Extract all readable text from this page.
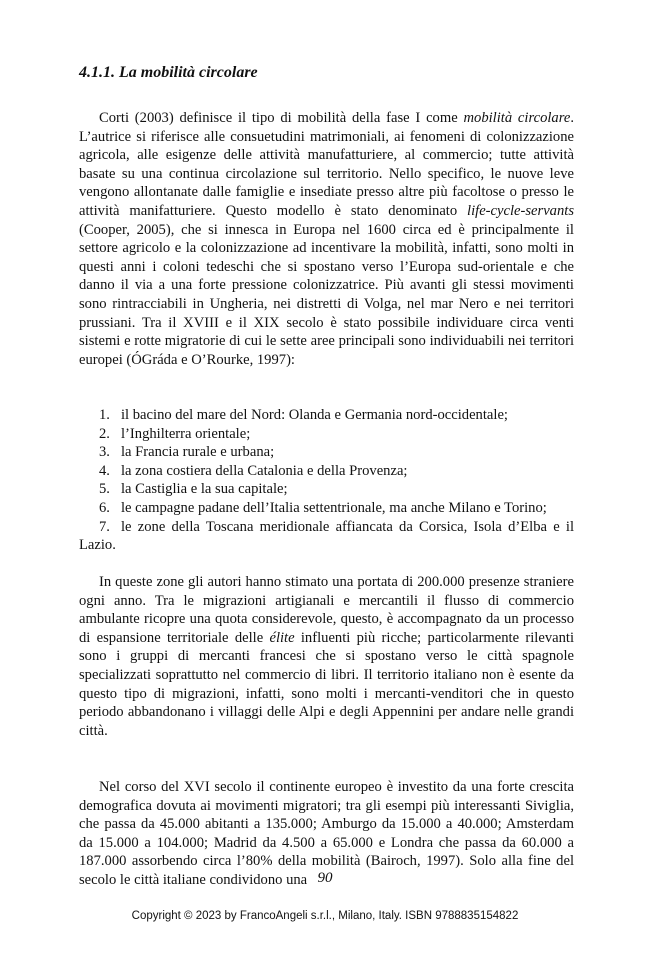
4.1.1. La mobilità circolare

Corti (2003) definisce il tipo di mobilità della fase I come mobilità circolare. L’autrice si riferisce alle consuetudini matrimoniali, ai fenomeni di colonizzazione agricola, alle esigenze delle attività manufatturiere, al commercio; tutte attività basate su una continua circolazione sul territorio. Nello specifico, le nuove leve vengono allontanate dalle famiglie e insediate presso altre più facoltose o presso le attività manifatturiere. Questo modello è stato denominato life-cycle-servants (Cooper, 2005), che si innesca in Europa nel 1600 circa ed è principalmente il settore agricolo e la colonizzazione ad incentivare la mobilità, infatti, sono molti in questi anni i coloni tedeschi che si spostano verso l’Europa sud-orientale e che danno il via a una forte pressione colonizzatrice. Più avanti gli stessi movimenti sono rintracciabili in Ungheria, nei distretti di Volga, nel mar Nero e nei territori prussiani. Tra il XVIII e il XIX secolo è stato possibile individuare circa venti sistemi e rotte migratorie di cui le sette aree principali sono individuabili nei territori europei (ÓGráda e O’Rourke, 1997):

1. il bacino del mare del Nord: Olanda e Germania nord-occidentale;
2. l’Inghilterra orientale;
3. la Francia rurale e urbana;
4. la zona costiera della Catalonia e della Provenza;
5. la Castiglia e la sua capitale;
6. le campagne padane dell’Italia settentrionale, ma anche Milano e Torino;
7. le zone della Toscana meridionale affiancata da Corsica, Isola d’Elba e il Lazio.

In queste zone gli autori hanno stimato una portata di 200.000 presenze straniere ogni anno. Tra le migrazioni artigianali e mercantili il flusso di commercio ambulante ricopre una quota considerevole, questo, è accompagnato da un processo di espansione territoriale delle élite influenti più ricche; particolarmente rilevanti sono i gruppi di mercanti francesi che si spostano verso le città spagnole specializzati soprattutto nel commercio di libri. Il territorio italiano non è esente da questo tipo di migrazioni, infatti, sono molti i mercanti-venditori che in questo periodo abbandonano i villaggi delle Alpi e degli Appennini per andare nelle grandi città.

Nel corso del XVI secolo il continente europeo è investito da una forte crescita demografica dovuta ai movimenti migratori; tra gli esempi più interessanti Siviglia, che passa da 45.000 abitanti a 135.000; Amburgo da 15.000 a 40.000; Amsterdam da 15.000 a 104.000; Madrid da 4.500 a 65.000 e Londra che passa da 60.000 a 187.000 assorbendo circa l’80% della mobilità (Bairoch, 1997). Solo alla fine del secolo le città italiane condividono una 90

Copyright © 2023 by FrancoAngeli s.r.l., Milano, Italy. ISBN 9788835154822
